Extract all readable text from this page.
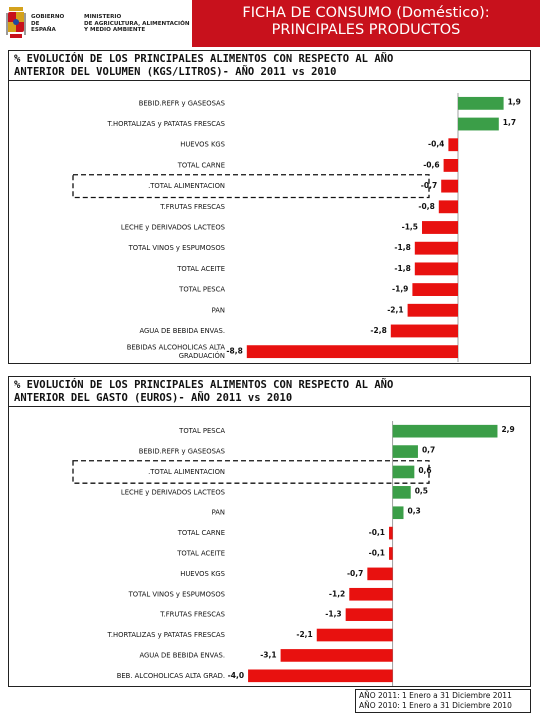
GOBIERNO
DE ESPAÑA
MINISTERIO
DE AGRICULTURA, ALIMENTACIÓN
Y MEDIO AMBIENTE
FICHA DE CONSUMO (Doméstico):
PRINCIPALES PRODUCTOS
% EVOLUCIÓN DE LOS PRINCIPALES ALIMENTOS CON RESPECTO AL AÑO
ANTERIOR DEL VOLUMEN (KGS/LITROS)- AÑO 2011 vs 2010
1,9
BEBID.REFR y GASEOSAS
1,7
T.HORTALIZAS y PATATAS FRESCAS
-0,4
HUEVOS KGS
-0,6
TOTAL CARNE
-0,7
.TOTAL ALIMENTACION
-0,8
T.FRUTAS FRESCAS
-1,5
LECHE y DERIVADOS LACTEOS
-1,8
TOTAL VINOS y ESPUMOSOS
-1,8
TOTAL ACEITE
-1,9
TOTAL PESCA
-2,1
PAN
-2,8
AGUA DE BEBIDA ENVAS.
-8,8
BEBIDAS ALCOHOLICAS ALTA
GRADUACIÓN
% EVOLUCIÓN DE LOS PRINCIPALES ALIMENTOS CON RESPECTO AL AÑO
ANTERIOR DEL GASTO (EUROS)- AÑO 2011 vs 2010
2,9
TOTAL PESCA
0,7
BEBID.REFR y GASEOSAS
0,6
.TOTAL ALIMENTACION
0,5
LECHE y DERIVADOS LACTEOS
0,3
PAN
-0,1
TOTAL CARNE
-0,1
TOTAL ACEITE
-0,7
HUEVOS KGS
-1,2
TOTAL VINOS y ESPUMOSOS
-1,3
T.FRUTAS FRESCAS
-2,1
T.HORTALIZAS y PATATAS FRESCAS
-3,1
AGUA DE BEBIDA ENVAS.
-4,0
BEB. ALCOHOLICAS ALTA GRAD.
AÑO 2011: 1 Enero a 31 Diciembre 2011
AÑO 2010: 1 Enero a 31 Diciembre 2010
